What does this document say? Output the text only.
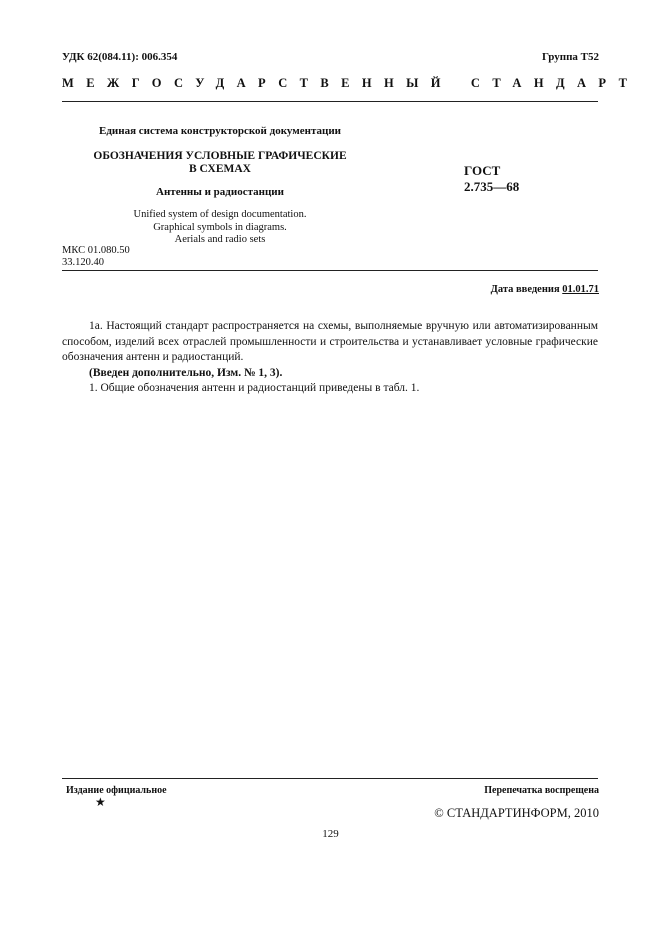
УДК 62(084.11): 006.354	Группа Т52
МЕЖГОСУДАРСТВЕННЫЙ СТАНДАРТ
Единая система конструкторской документации
ОБОЗНАЧЕНИЯ УСЛОВНЫЕ ГРАФИЧЕСКИЕ
В СХЕМАХ
Антенны и радиостанции
Unified system of design documentation.
Graphical symbols in diagrams.
Aerials and radio sets
ГОСТ
2.735—68
МКС 01.080.50
33.120.40
Дата введения 01.01.71

1а. Настоящий стандарт распространяется на схемы, выполняемые вручную или автоматизированным способом, изделий всех отраслей промышленности и строительства и устанавливает условные графические обозначения антенн и радиостанций.

(Введен дополнительно, Изм. № 1, 3).

1. Общие обозначения антенн и радиостанций приведены в табл. 1.

Издание официальное
★
Перепечатка воспрещена
© СТАНДАРТИНФОРМ, 2010
129
